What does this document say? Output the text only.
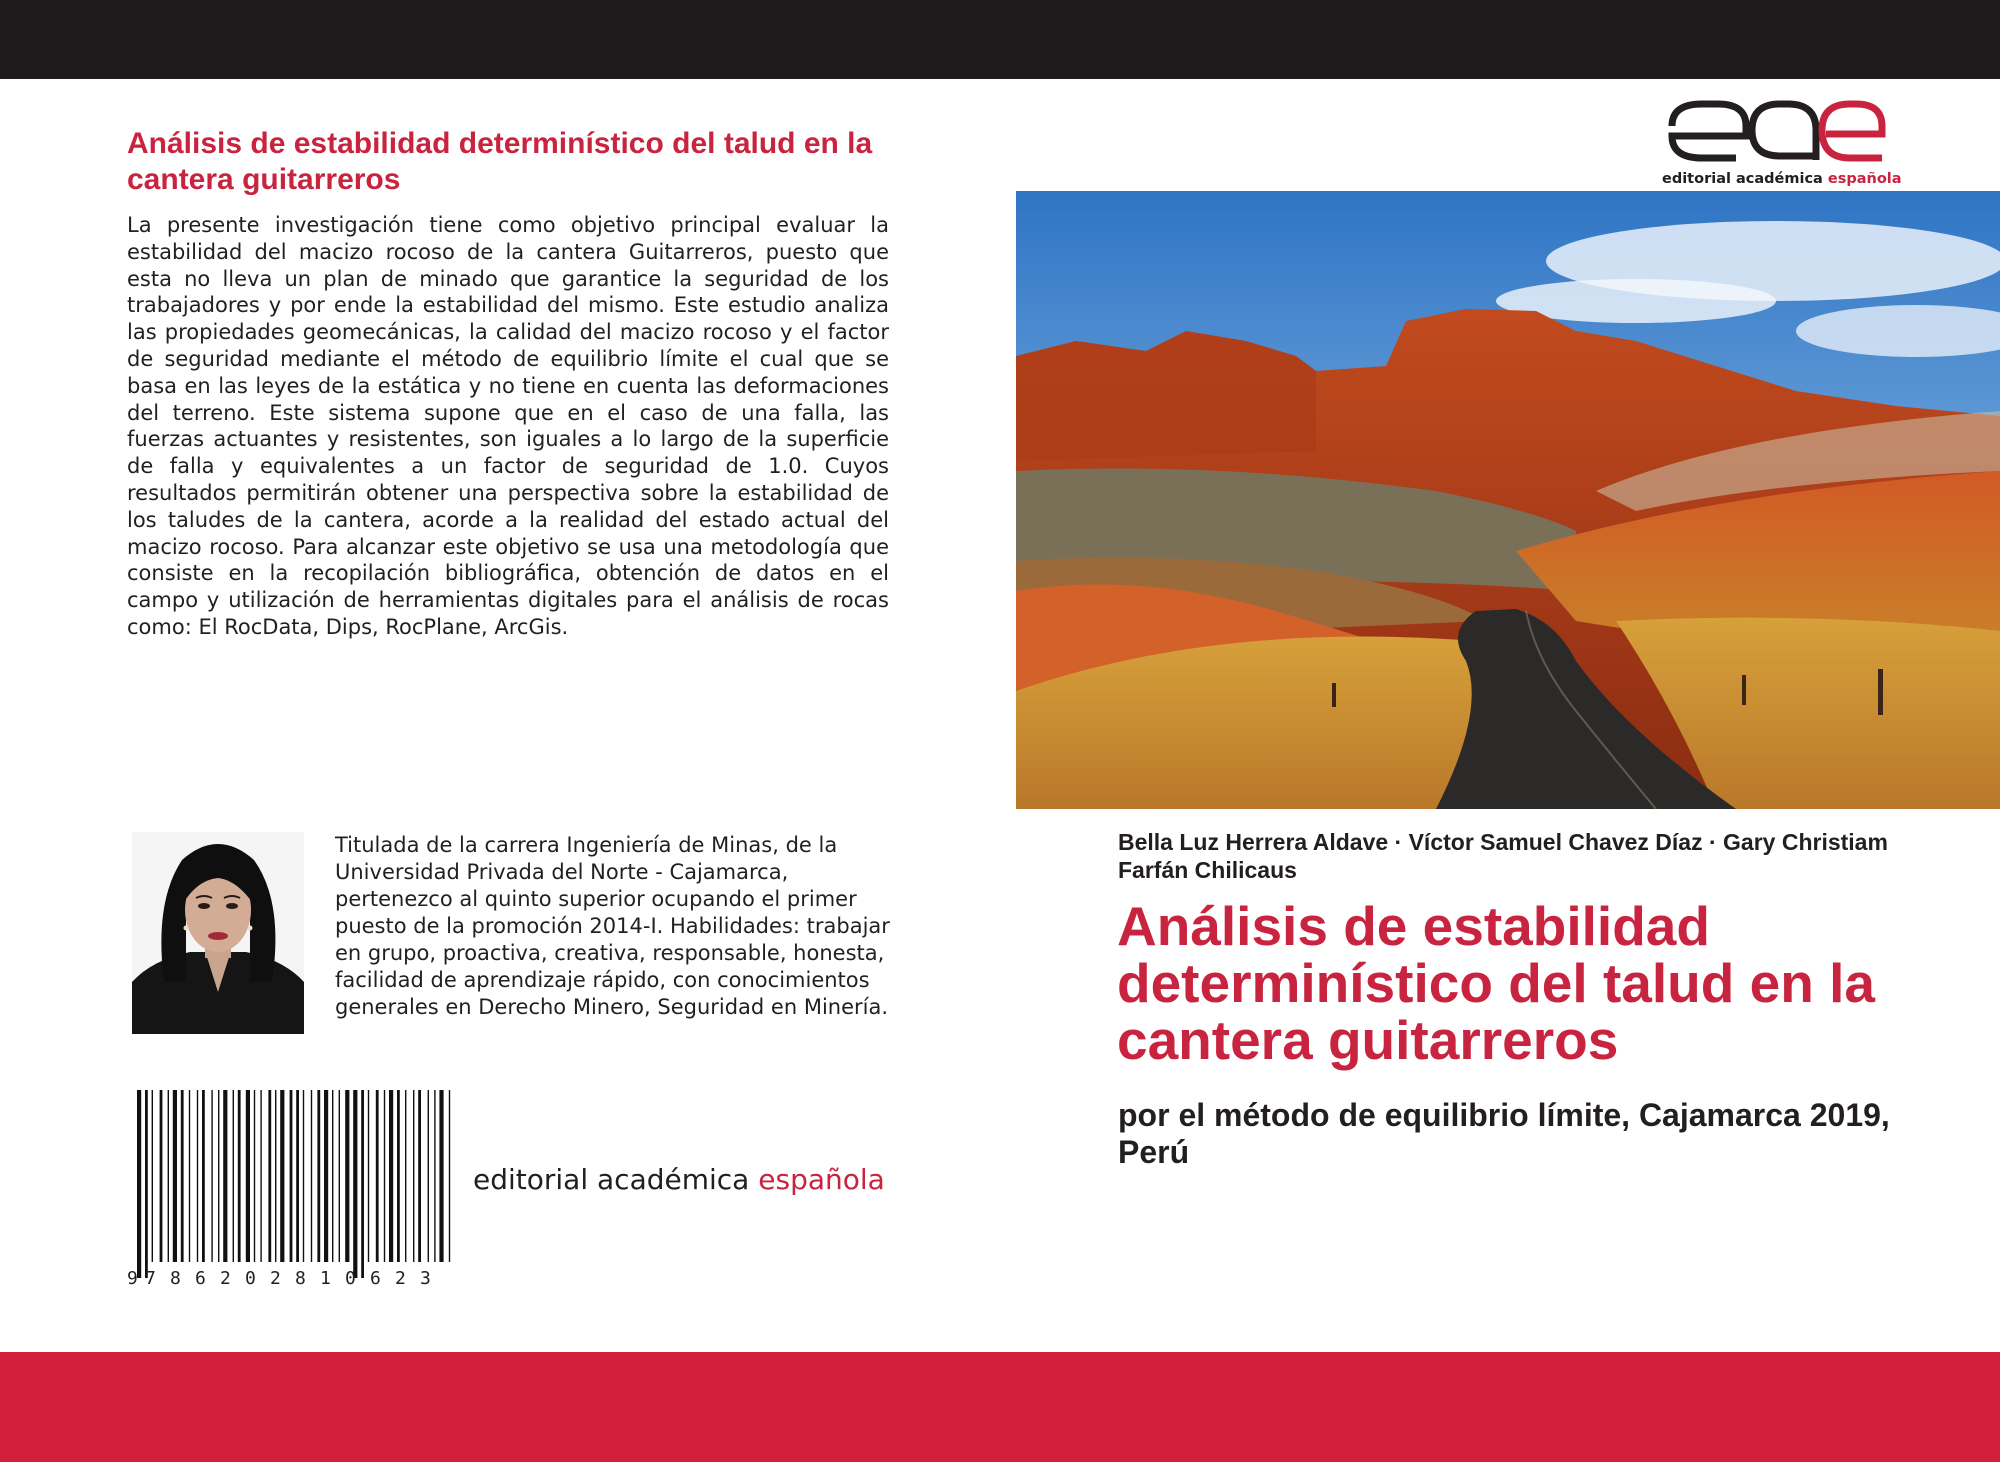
Análisis de estabilidad determinístico del talud en la cantera guitarreros

La presente investigación tiene como objetivo principal evaluar la estabilidad del macizo rocoso de la cantera Guitarreros, puesto que esta no lleva un plan de minado que garantice la seguridad de los trabajadores y por ende la estabilidad del mismo. Este estudio analiza las propiedades geomecánicas, la calidad del macizo rocoso y el factor de seguridad mediante el método de equilibrio límite el cual que se basa en las leyes de la estática y no tiene en cuenta las deformaciones del terreno. Este sistema supone que en el caso de una falla, las fuerzas actuantes y resistentes, son iguales a lo largo de la superficie de falla y equivalentes a un factor de seguridad de 1.0. Cuyos resultados permitirán obtener una perspectiva sobre la estabilidad de los taludes de la cantera, acorde a la realidad del estado actual del macizo rocoso. Para alcanzar este objetivo se usa una metodología que consiste en la recopilación bibliográfica, obtención de datos en el campo y utilización de herramientas digitales para el análisis de rocas como: El RocData, Dips, RocPlane, ArcGis.

Titulada de la carrera Ingeniería de Minas, de la Universidad Privada del Norte - Cajamarca, pertenezco al quinto superior ocupando el primer puesto de la promoción 2014-I. Habilidades: trabajar en grupo, proactiva, creativa, responsable, honesta, facilidad de aprendizaje rápido, con conocimientos generales en Derecho Minero, Seguridad en Minería.

9 7 8 6 2 0 2 8 1 0 6 2 3
editorial académica española
editorial académica española

Bella Luz Herrera Aldave · Víctor Samuel Chavez Díaz · Gary Christiam Farfán Chilicaus

Análisis de estabilidad determinístico del talud en la cantera guitarreros

por el método de equilibrio límite, Cajamarca 2019, Perú
